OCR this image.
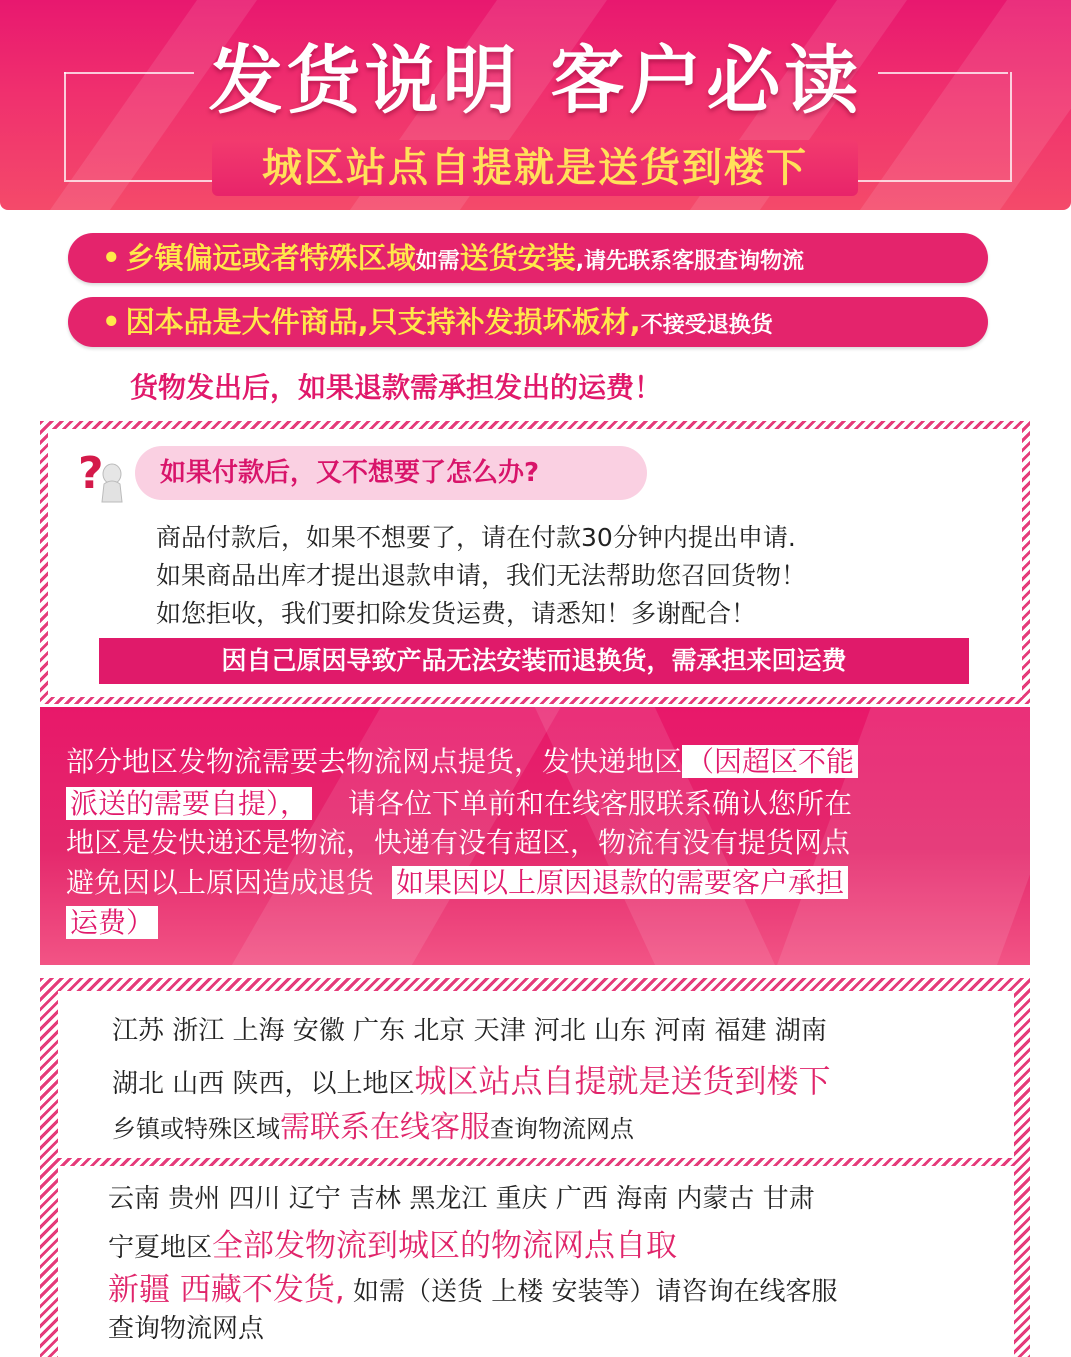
发货说明 客户必读
城区站点自提就是送货到楼下
• 乡镇偏远或者特殊区域如需送货安装,请先联系客服查询物流
• 因本品是大件商品,只支持补发损坏板材,不接受退换货
货物发出后，如果退款需承担发出的运费！
? 如果付款后，又不想要了怎么办?
商品付款后，如果不想要了，请在付款30分钟内提出申请.
如果商品出库才提出退款申请，我们无法帮助您召回货物！
如您拒收，我们要扣除发货运费，请悉知！多谢配合！
因自己原因导致产品无法安装而退换货，需承担来回运费
部分地区发物流需要去物流网点提货，发快递地区 （因超区不能
派送的需要自提）， 请各位下单前和在线客服联系确认您所在
地区是发快递还是物流，快递有没有超区，物流有没有提货网点
避免因以上原因造成退货 如果因以上原因退款的需要客户承担
运费）
江苏 浙江 上海 安徽 广东 北京 天津 河北 山东 河南 福建 湖南
湖北 山西 陕西，以上地区城区站点自提就是送货到楼下
乡镇或特殊区域需联系在线客服查询物流网点
云南 贵州 四川 辽宁 吉林 黑龙江 重庆 广西 海南 内蒙古 甘肃
宁夏地区全部发物流到城区的物流网点自取
新疆 西藏不发货, 如需（送货 上楼 安装等）请咨询在线客服
查询物流网点
